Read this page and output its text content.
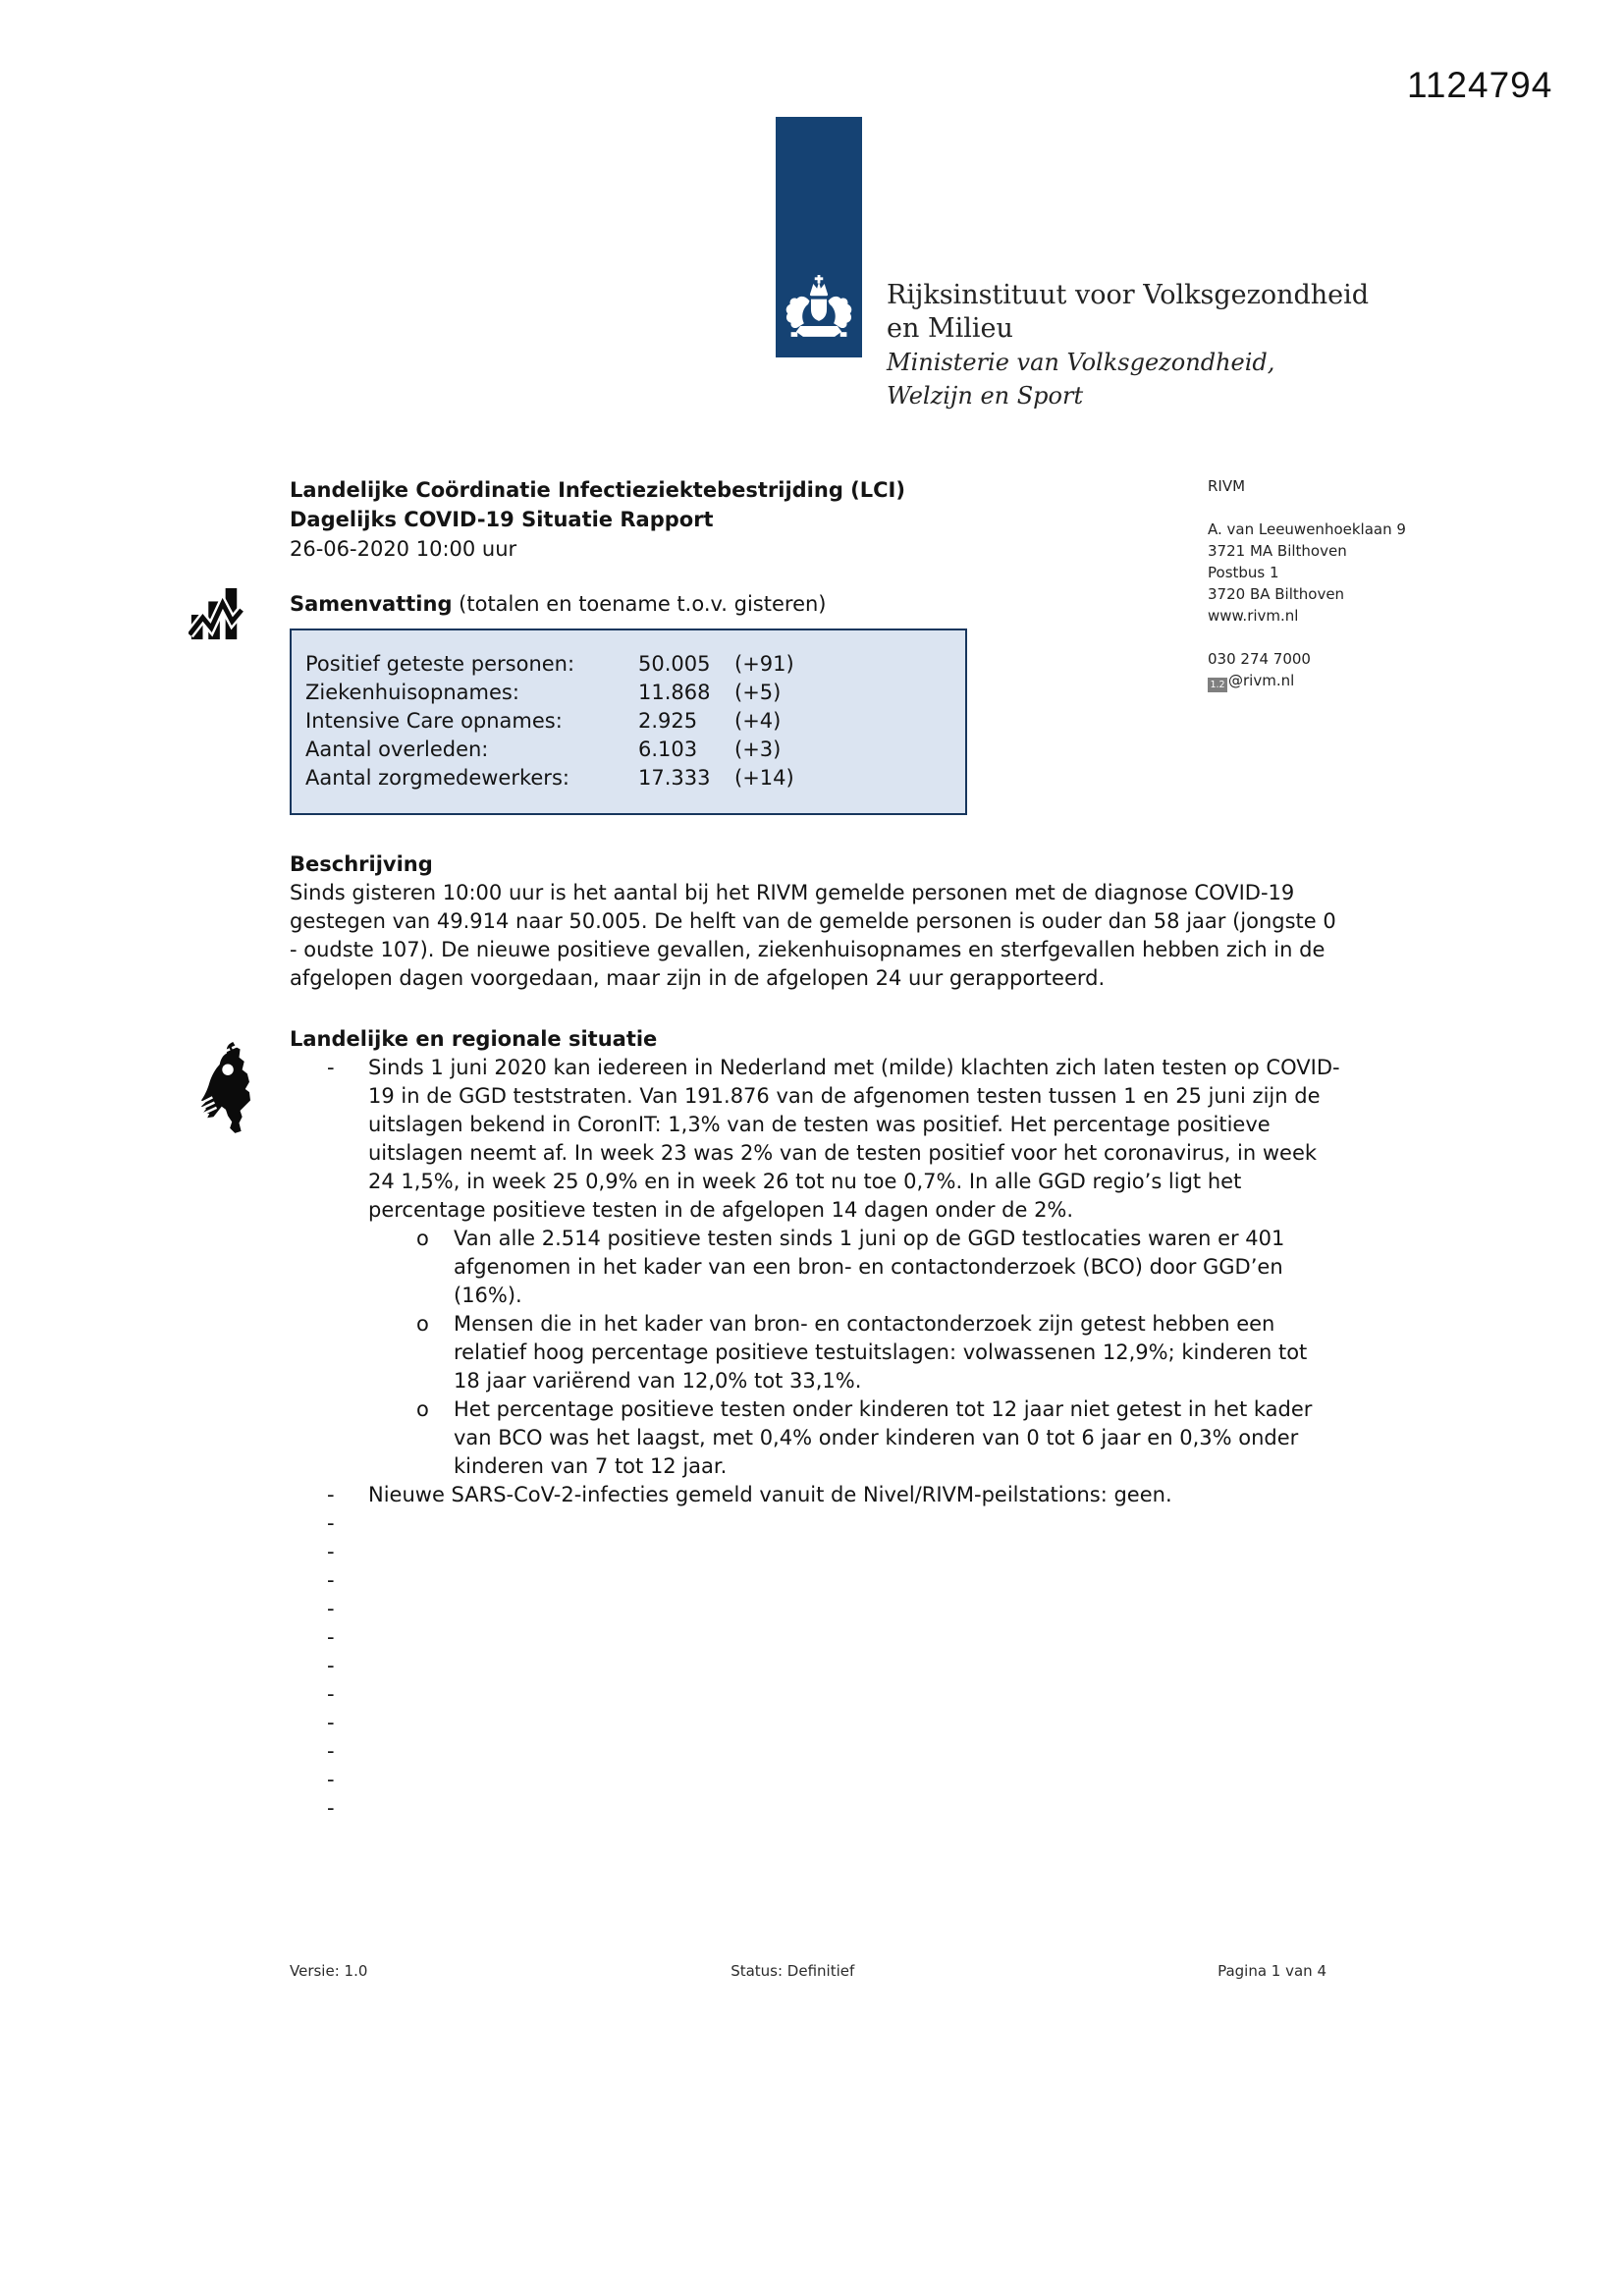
1124794
Rijksinstituut voor Volksgezondheid
en Milieu
Ministerie van Volksgezondheid,
Welzijn en Sport
RIVM
A. van Leeuwenhoeklaan 9
3721 MA Bilthoven
Postbus 1
3720 BA Bilthoven
www.rivm.nl
030 274 7000
1.2 @rivm.nl
Landelijke Coördinatie Infectieziektebestrijding (LCI)
Dagelijks COVID-19 Situatie Rapport
26-06-2020 10:00 uur
Samenvatting (totalen en toename t.o.v. gisteren)
Positief geteste personen:	50.005	(+91)
Ziekenhuisopnames:	11.868	(+5)
Intensive Care opnames:	2.925	(+4)
Aantal overleden:	6.103	(+3)
Aantal zorgmedewerkers:	17.333	(+14)
Beschrijving
Sinds gisteren 10:00 uur is het aantal bij het RIVM gemelde personen met de diagnose COVID-19 gestegen van 49.914 naar 50.005. De helft van de gemelde personen is ouder dan 58 jaar (jongste 0 - oudste 107). De nieuwe positieve gevallen, ziekenhuisopnames en sterfgevallen hebben zich in de afgelopen dagen voorgedaan, maar zijn in de afgelopen 24 uur gerapporteerd.
Landelijke en regionale situatie
-	Sinds 1 juni 2020 kan iedereen in Nederland met (milde) klachten zich laten testen op COVID-19 in de GGD teststraten. Van 191.876 van de afgenomen testen tussen 1 en 25 juni zijn de uitslagen bekend in CoronIT: 1,3% van de testen was positief. Het percentage positieve uitslagen neemt af. In week 23 was 2% van de testen positief voor het coronavirus, in week 24 1,5%, in week 25 0,9% en in week 26 tot nu toe 0,7%. In alle GGD regio’s ligt het percentage positieve testen in de afgelopen 14 dagen onder de 2%.
o	Van alle 2.514 positieve testen sinds 1 juni op de GGD testlocaties waren er 401 afgenomen in het kader van een bron- en contactonderzoek (BCO) door GGD’en (16%).
o	Mensen die in het kader van bron- en contactonderzoek zijn getest hebben een relatief hoog percentage positieve testuitslagen: volwassenen 12,9%; kinderen tot 18 jaar variërend van 12,0% tot 33,1%.
o	Het percentage positieve testen onder kinderen tot 12 jaar niet getest in het kader van BCO was het laagst, met 0,4% onder kinderen van 0 tot 6 jaar en 0,3% onder kinderen van 7 tot 12 jaar.
-	Nieuwe SARS-CoV-2-infecties gemeld vanuit de Nivel/RIVM-peilstations: geen.
-
-
-
-
-
-
-
-
-
-
-
Versie: 1.0	Status: Definitief	Pagina 1 van 4
